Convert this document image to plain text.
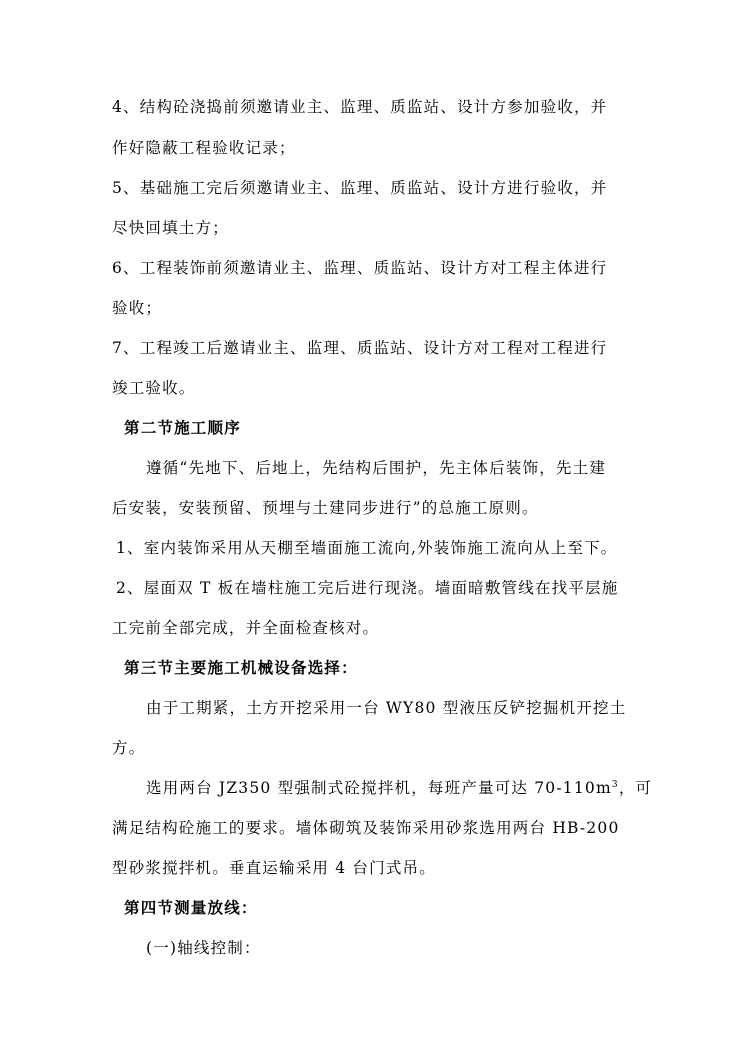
4、结构砼浇捣前须邀请业主、监理、质监站、设计方参加验收，并
作好隐蔽工程验收记录；
5、基础施工完后须邀请业主、监理、质监站、设计方进行验收，并
尽快回填土方；
6、工程装饰前须邀请业主、监理、质监站、设计方对工程主体进行
验收；
7、工程竣工后邀请业主、监理、质监站、设计方对工程对工程进行
竣工验收。
第二节施工顺序
遵循“先地下、后地上，先结构后围护，先主体后装饰，先土建
后安装，安装预留、预埋与土建同步进行”的总施工原则。
1、室内装饰采用从天棚至墙面施工流向,外装饰施工流向从上至下。
2、屋面双 T 板在墙柱施工完后进行现浇。墙面暗敷管线在找平层施
工完前全部完成，并全面检查核对。
第三节主要施工机械设备选择：
由于工期紧，土方开挖采用一台 WY80 型液压反铲挖掘机开挖土
方。
选用两台 JZ350 型强制式砼搅拌机，每班产量可达 $70-110m^3$，可
满足结构砼施工的要求。墙体砌筑及装饰采用砂浆选用两台 HB-200
型砂浆搅拌机。垂直运输采用 4 台门式吊。
第四节测量放线：
(一)轴线控制：
